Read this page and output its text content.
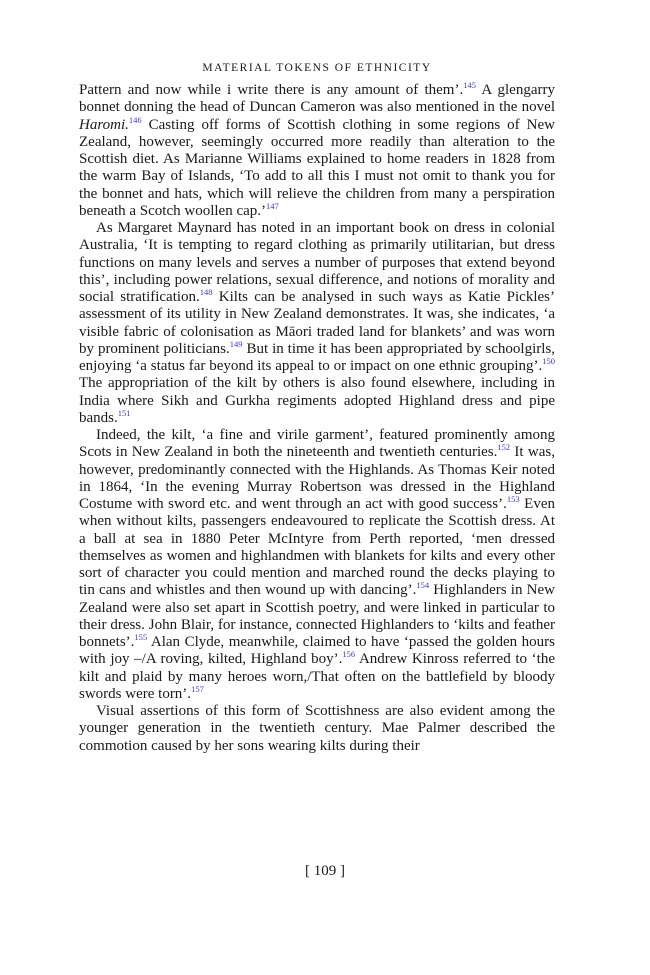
MATERIAL TOKENS OF ETHNICITY

Pattern and now while i write there is any amount of them’.$^{145}$ A glengarry bonnet donning the head of Duncan Cameron was also mentioned in the novel Haromi.$^{146}$ Casting off forms of Scottish clothing in some regions of New Zealand, however, seemingly occurred more readily than alteration to the Scottish diet. As Marianne Williams explained to home readers in 1828 from the warm Bay of Islands, ‘To add to all this I must not omit to thank you for the bonnet and hats, which will relieve the children from many a perspiration beneath a Scotch woollen cap.’$^{147}$

As Margaret Maynard has noted in an important book on dress in colonial Australia, ‘It is tempting to regard clothing as primarily utilitarian, but dress functions on many levels and serves a number of purposes that extend beyond this’, including power relations, sexual difference, and notions of morality and social stratification.$^{148}$ Kilts can be analysed in such ways as Katie Pickles’ assessment of its utility in New Zealand demonstrates. It was, she indicates, ‘a visible fabric of colonisation as Māori traded land for blankets’ and was worn by prominent politicians.$^{149}$ But in time it has been appropriated by schoolgirls, enjoying ‘a status far beyond its appeal to or impact on one ethnic grouping’.$^{150}$ The appropriation of the kilt by others is also found elsewhere, including in India where Sikh and Gurkha regiments adopted Highland dress and pipe bands.$^{151}$

Indeed, the kilt, ‘a fine and virile garment’, featured prominently among Scots in New Zealand in both the nineteenth and twentieth centuries.$^{152}$ It was, however, predominantly connected with the Highlands. As Thomas Keir noted in 1864, ‘In the evening Murray Robertson was dressed in the Highland Costume with sword etc. and went through an act with good success’.$^{153}$ Even when without kilts, passengers endeavoured to replicate the Scottish dress. At a ball at sea in 1880 Peter McIntyre from Perth reported, ‘men dressed themselves as women and highlandmen with blankets for kilts and every other sort of character you could mention and marched round the decks playing to tin cans and whistles and then wound up with dancing’.$^{154}$ Highlanders in New Zealand were also set apart in Scottish poetry, and were linked in particular to their dress. John Blair, for instance, connected Highlanders to ‘kilts and feather bonnets’.$^{155}$ Alan Clyde, meanwhile, claimed to have ‘passed the golden hours with joy –/A roving, kilted, Highland boy’.$^{156}$ Andrew Kinross referred to ‘the kilt and plaid by many heroes worn,/That often on the battlefield by bloody swords were torn’.$^{157}$

Visual assertions of this form of Scottishness are also evident among the younger generation in the twentieth century. Mae Palmer described the commotion caused by her sons wearing kilts during their

[ 109 ]
